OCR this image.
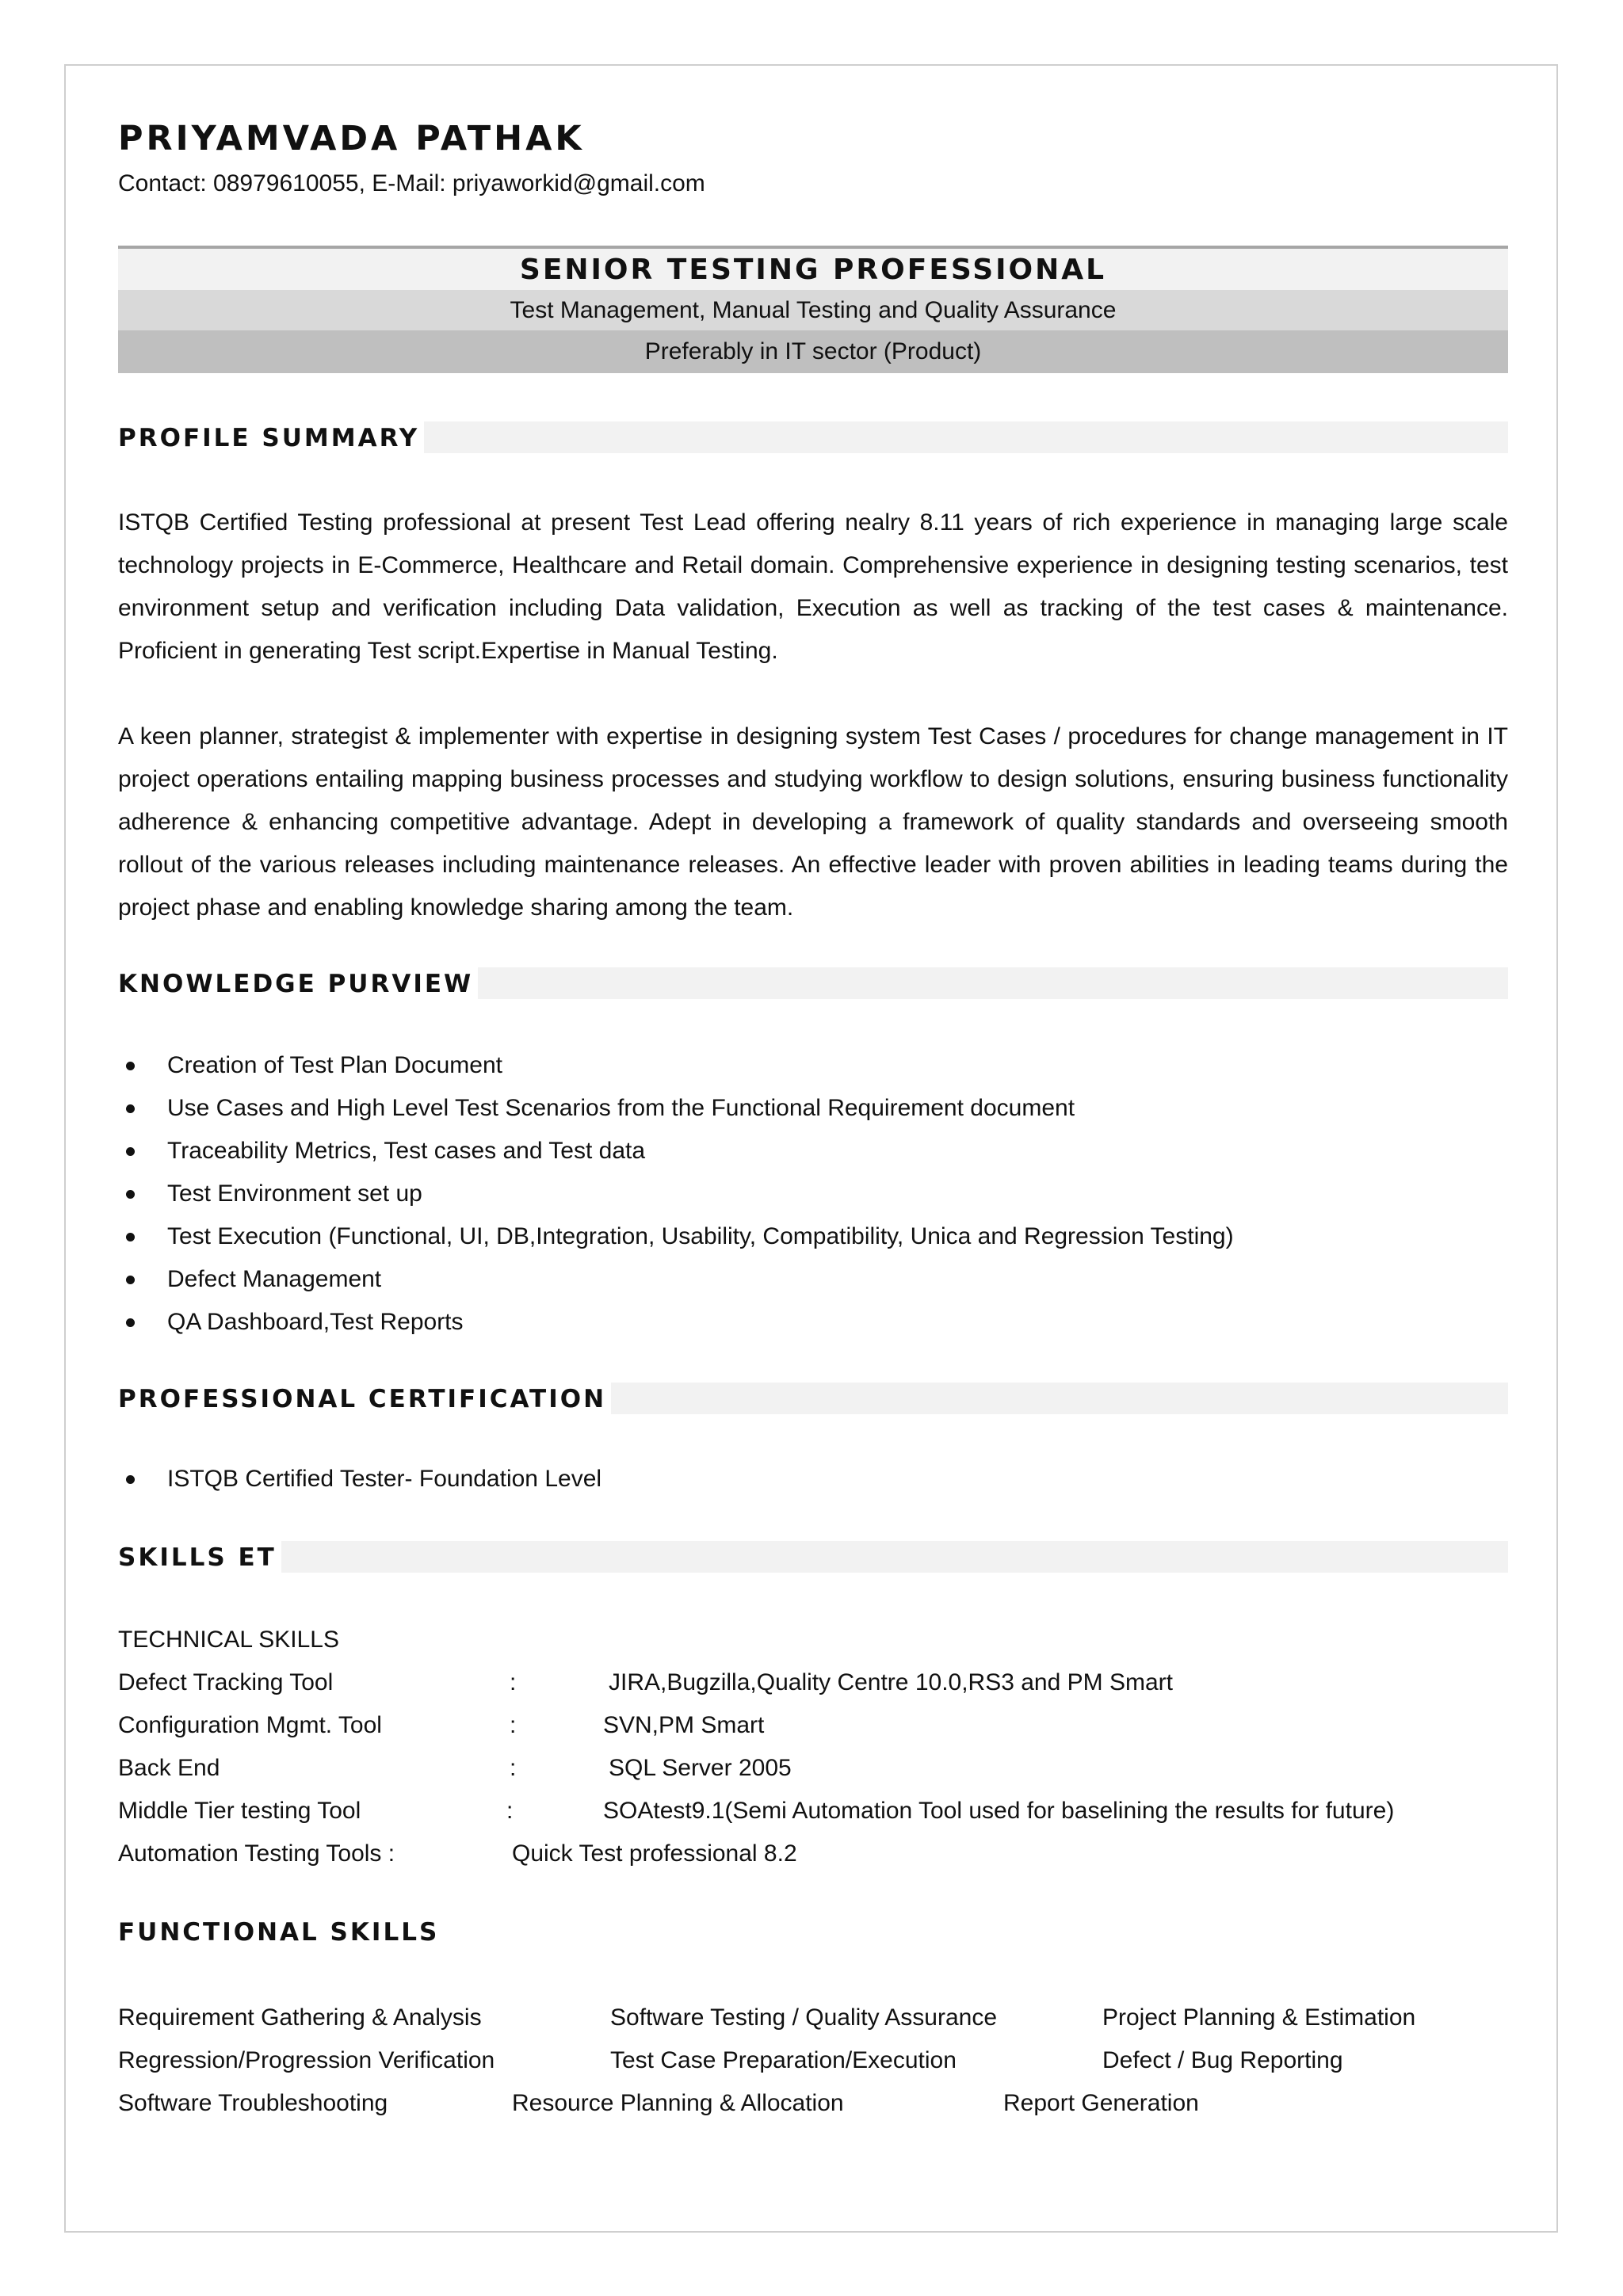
PRIYAMVADA PATHAK
Contact: 08979610055, E-Mail: priyaworkid@gmail.com
SENIOR TESTING PROFESSIONAL
Test Management, Manual Testing and Quality Assurance
Preferably in IT sector (Product)
PROFILE SUMMARY
ISTQB Certified Testing professional at present Test Lead offering nealry 8.11 years of rich experience in managing large scale technology projects in E-Commerce, Healthcare and Retail domain. Comprehensive experience in designing testing scenarios, test environment setup and verification including Data validation, Execution as well as tracking of the test cases & maintenance. Proficient in generating Test script.Expertise in Manual Testing.
A keen planner, strategist & implementer with expertise in designing system Test Cases / procedures for change management in IT project operations entailing mapping business processes and studying workflow to design solutions, ensuring business functionality adherence & enhancing competitive advantage. Adept in developing a framework of quality standards and overseeing smooth rollout of the various releases including maintenance releases. An effective leader with proven abilities in leading teams during the project phase and enabling knowledge sharing among the team.
KNOWLEDGE PURVIEW
Creation of Test Plan Document
Use Cases and High Level Test Scenarios from the Functional Requirement document
Traceability Metrics, Test cases and Test data
Test Environment set up
Test Execution (Functional, UI, DB,Integration, Usability, Compatibility, Unica and Regression Testing)
Defect Management
QA Dashboard,Test Reports
PROFESSIONAL CERTIFICATION
ISTQB Certified Tester- Foundation Level
SKILLS ET
TECHNICAL SKILLS
Defect Tracking Tool	:	JIRA,Bugzilla,Quality Centre 10.0,RS3 and PM Smart
Configuration Mgmt. Tool	:	SVN,PM Smart
Back End	:	SQL Server 2005
Middle Tier testing Tool	:	SOAtest9.1(Semi Automation Tool used for baselining the results for future)
Automation Testing Tools :	Quick Test professional 8.2
FUNCTIONAL SKILLS
Requirement Gathering & Analysis	Software Testing / Quality Assurance	Project Planning & Estimation
Regression/Progression Verification	Test Case Preparation/Execution	Defect / Bug Reporting
Software Troubleshooting	Resource Planning & Allocation	Report Generation
